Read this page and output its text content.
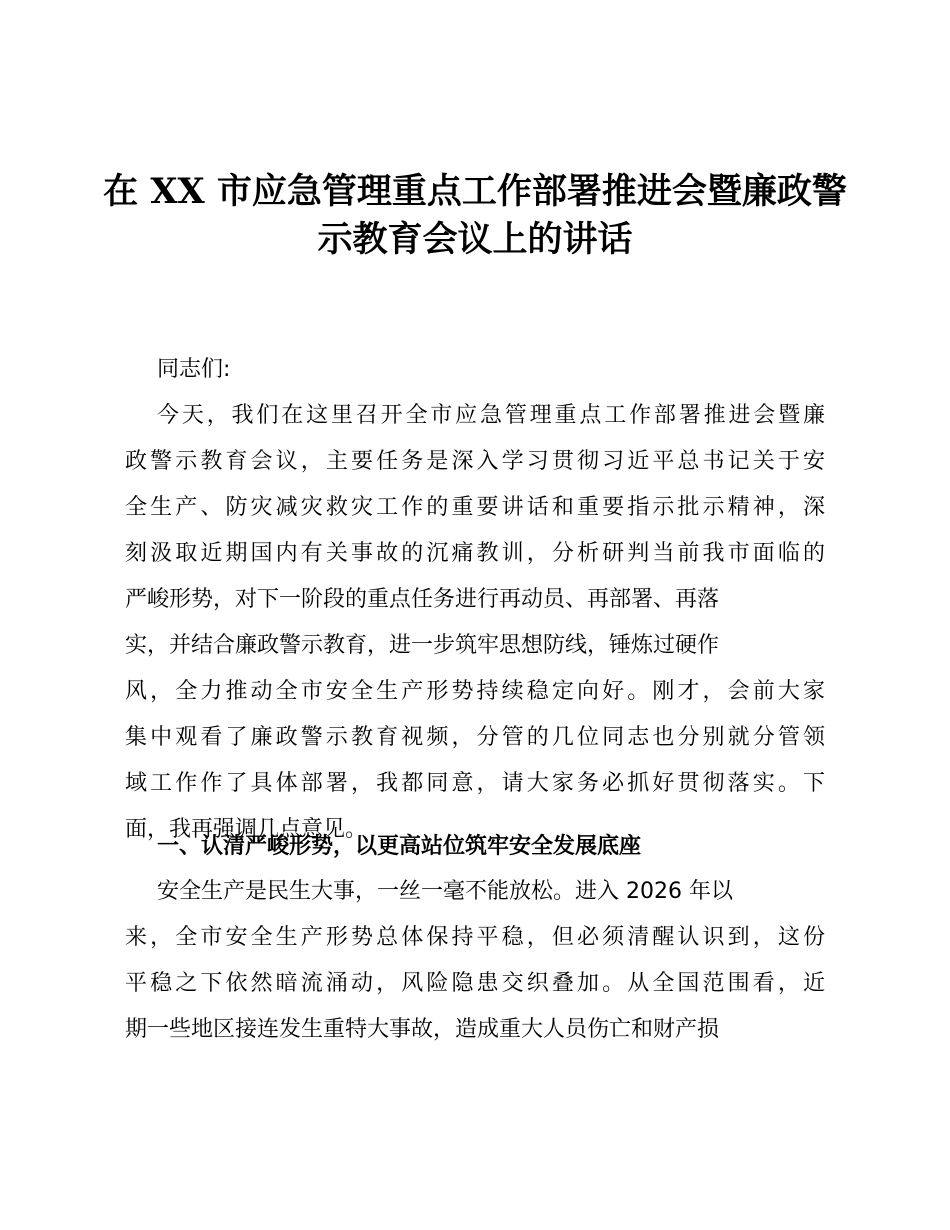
在 XX 市应急管理重点工作部署推进会暨廉政警
示教育会议上的讲话
同志们:
今天，我们在这里召开全市应急管理重点工作部署推进会暨廉
政警示教育会议，主要任务是深入学习贯彻习近平总书记关于安
全生产、防灾减灾救灾工作的重要讲话和重要指示批示精神，深
刻汲取近期国内有关事故的沉痛教训，分析研判当前我市面临的
严峻形势，对下一阶段的重点任务进行再动员、再部署、再落
实，并结合廉政警示教育，进一步筑牢思想防线，锤炼过硬作
风，全力推动全市安全生产形势持续稳定向好。刚才，会前大家
集中观看了廉政警示教育视频，分管的几位同志也分别就分管领
域工作作了具体部署，我都同意，请大家务必抓好贯彻落实。下
面，我再强调几点意见。
一、认清严峻形势，以更高站位筑牢安全发展底座
安全生产是民生大事，一丝一毫不能放松。进入 2026 年以
来，全市安全生产形势总体保持平稳，但必须清醒认识到，这份
平稳之下依然暗流涌动，风险隐患交织叠加。从全国范围看，近
期一些地区接连发生重特大事故，造成重大人员伤亡和财产损
